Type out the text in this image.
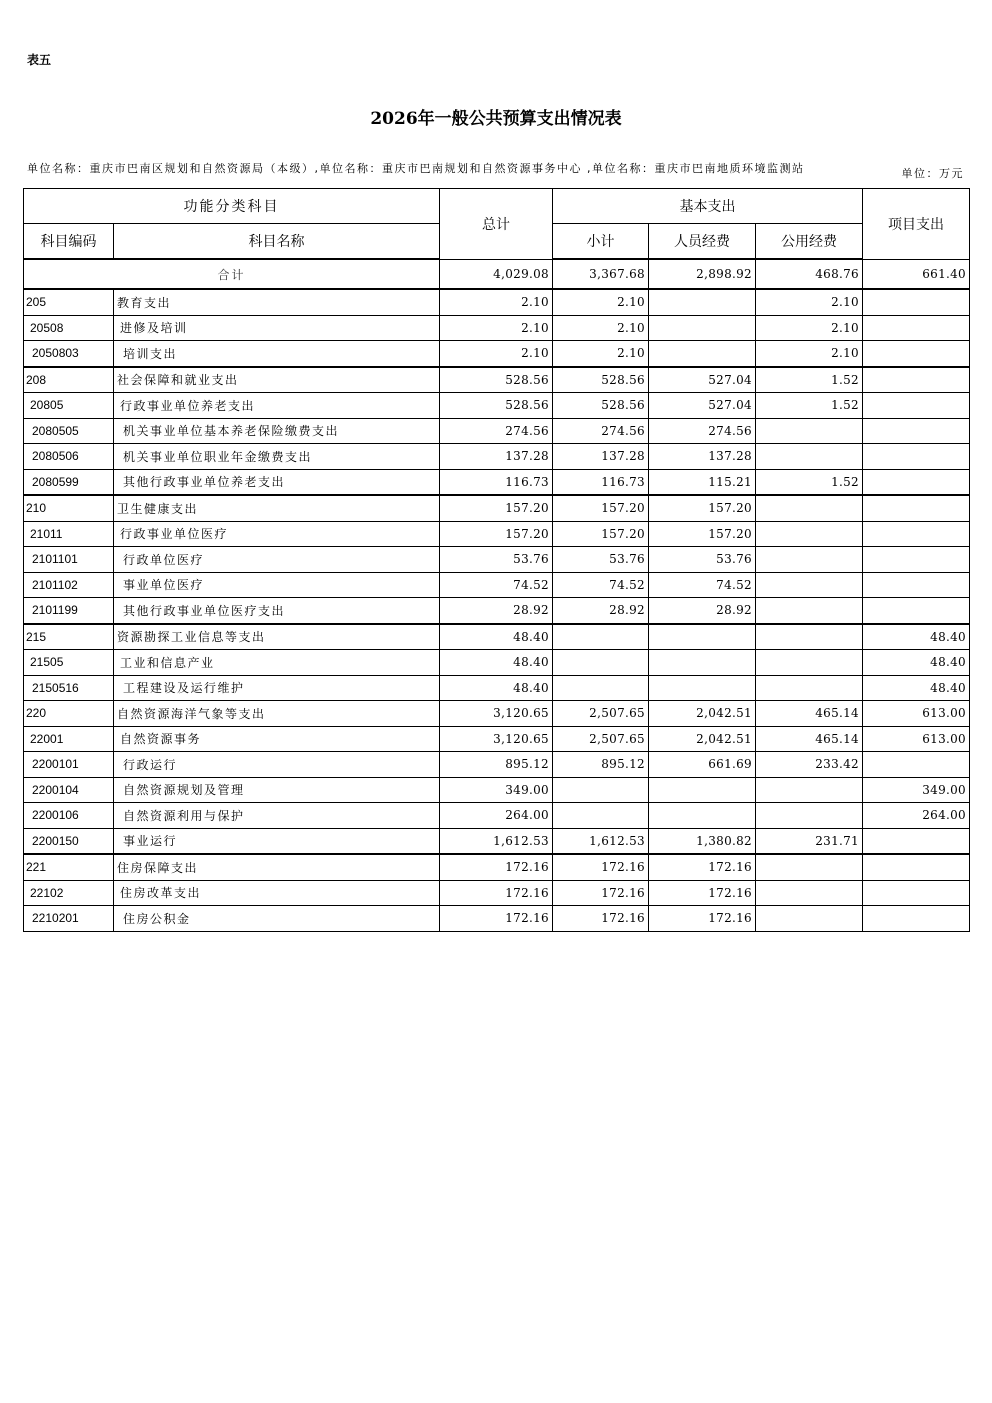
表五
2026年一般公共预算支出情况表
单位名称：重庆市巴南区规划和自然资源局（本级）,单位名称：重庆市巴南规划和自然资源事务中心 ,单位名称：重庆市巴南地质环境监测站	单位：万元
功能分类科目		总计	基本支出			项目支出
科目编码	科目名称		小计	人员经费	公用经费	
合计		4,029.08	3,367.68	2,898.92	468.76	661.40
205	教育支出	2.10	2.10		2.10	
20508	进修及培训	2.10	2.10		2.10	
2050803	培训支出	2.10	2.10		2.10	
208	社会保障和就业支出	528.56	528.56	527.04	1.52	
20805	行政事业单位养老支出	528.56	528.56	527.04	1.52	
2080505	机关事业单位基本养老保险缴费支出	274.56	274.56	274.56		
2080506	机关事业单位职业年金缴费支出	137.28	137.28	137.28		
2080599	其他行政事业单位养老支出	116.73	116.73	115.21	1.52	
210	卫生健康支出	157.20	157.20	157.20		
21011	行政事业单位医疗	157.20	157.20	157.20		
2101101	行政单位医疗	53.76	53.76	53.76		
2101102	事业单位医疗	74.52	74.52	74.52		
2101199	其他行政事业单位医疗支出	28.92	28.92	28.92		
215	资源勘探工业信息等支出	48.40				48.40
21505	工业和信息产业	48.40				48.40
2150516	工程建设及运行维护	48.40				48.40
220	自然资源海洋气象等支出	3,120.65	2,507.65	2,042.51	465.14	613.00
22001	自然资源事务	3,120.65	2,507.65	2,042.51	465.14	613.00
2200101	行政运行	895.12	895.12	661.69	233.42	
2200104	自然资源规划及管理	349.00				349.00
2200106	自然资源利用与保护	264.00				264.00
2200150	事业运行	1,612.53	1,612.53	1,380.82	231.71	
221	住房保障支出	172.16	172.16	172.16		
22102	住房改革支出	172.16	172.16	172.16		
2210201	住房公积金	172.16	172.16	172.16		
